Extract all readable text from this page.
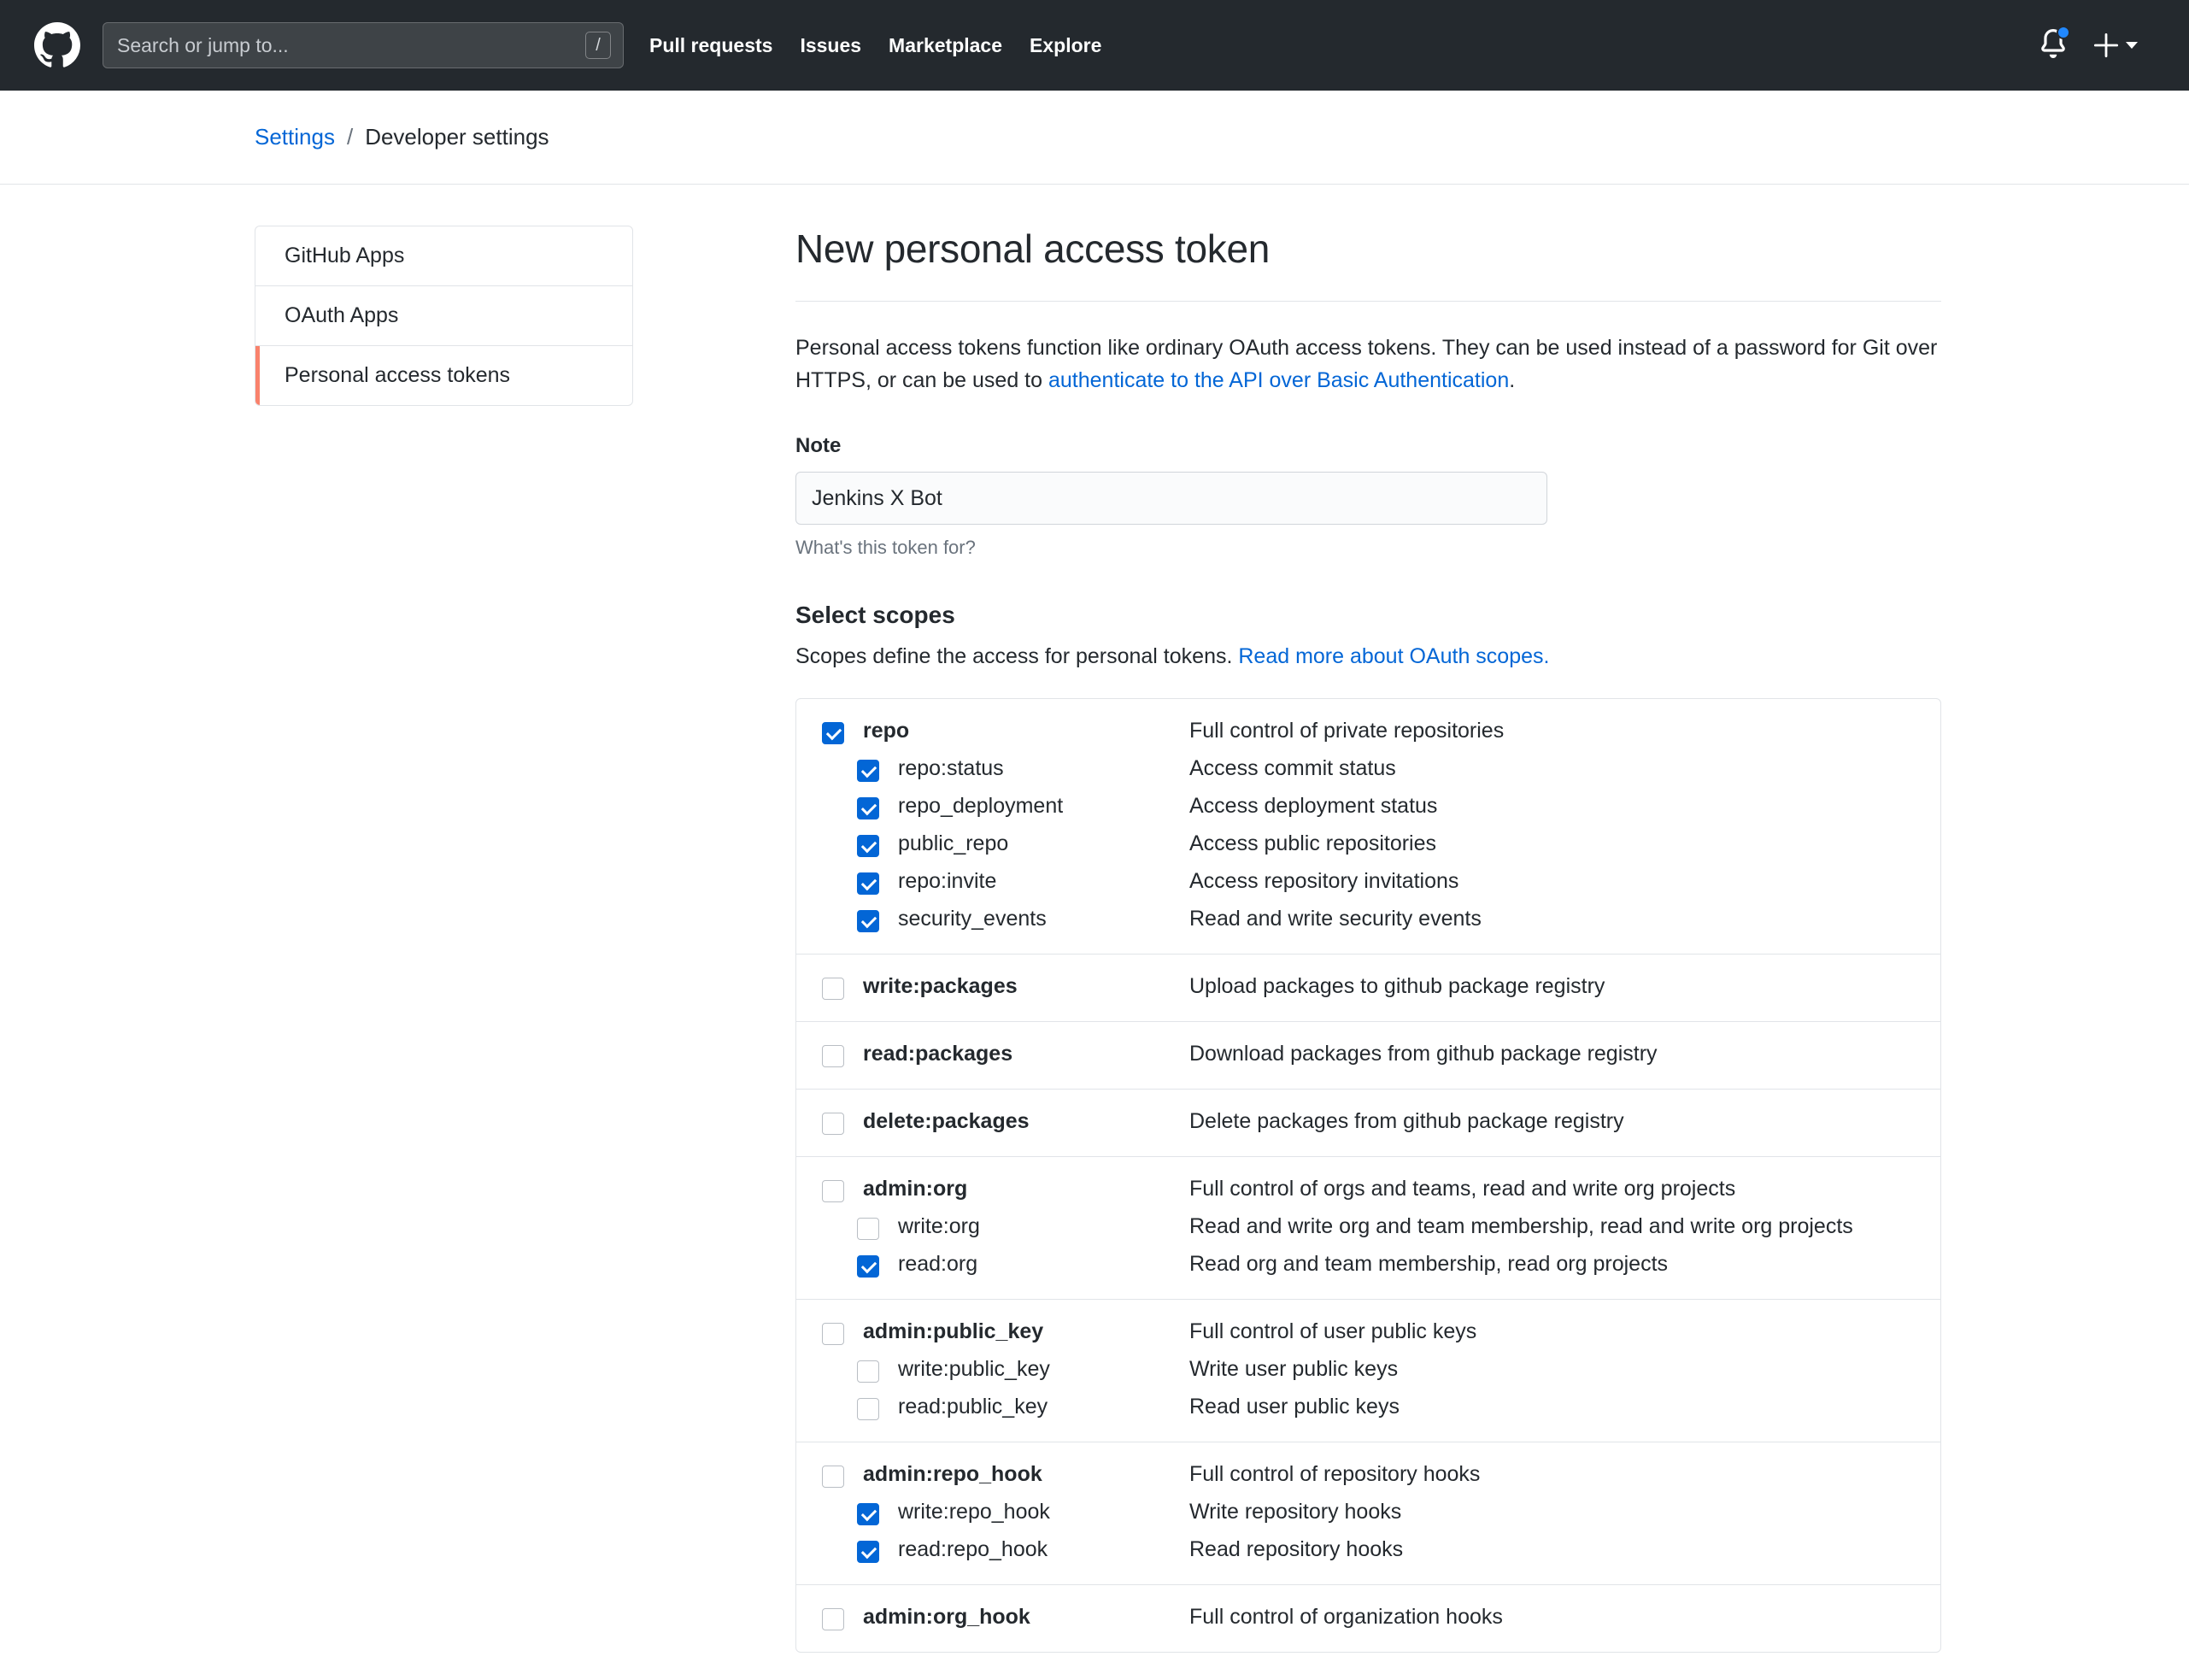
Search or jump to...
/	Pull requests Issues Marketplace Explore
Settings / Developer settings
GitHub Apps
OAuth Apps
Personal access tokens
New personal access token

Personal access tokens function like ordinary OAuth access tokens. They can be used instead of a password for Git over HTTPS, or can be used to authenticate to the API over Basic Authentication.

Note
Jenkins X Bot
What's this token for?
Select scopes
Scopes define the access for personal tokens. Read more about OAuth scopes.
repo	Full control of private repositories
repo:status	Access commit status
repo_deployment	Access deployment status
public_repo	Access public repositories
repo:invite	Access repository invitations
security_events	Read and write security events
write:packages	Upload packages to github package registry
read:packages	Download packages from github package registry
delete:packages	Delete packages from github package registry
admin:org	Full control of orgs and teams, read and write org projects
write:org	Read and write org and team membership, read and write org projects
read:org	Read org and team membership, read org projects
admin:public_key	Full control of user public keys
write:public_key	Write user public keys
read:public_key	Read user public keys
admin:repo_hook	Full control of repository hooks
write:repo_hook	Write repository hooks
read:repo_hook	Read repository hooks
admin:org_hook	Full control of organization hooks
